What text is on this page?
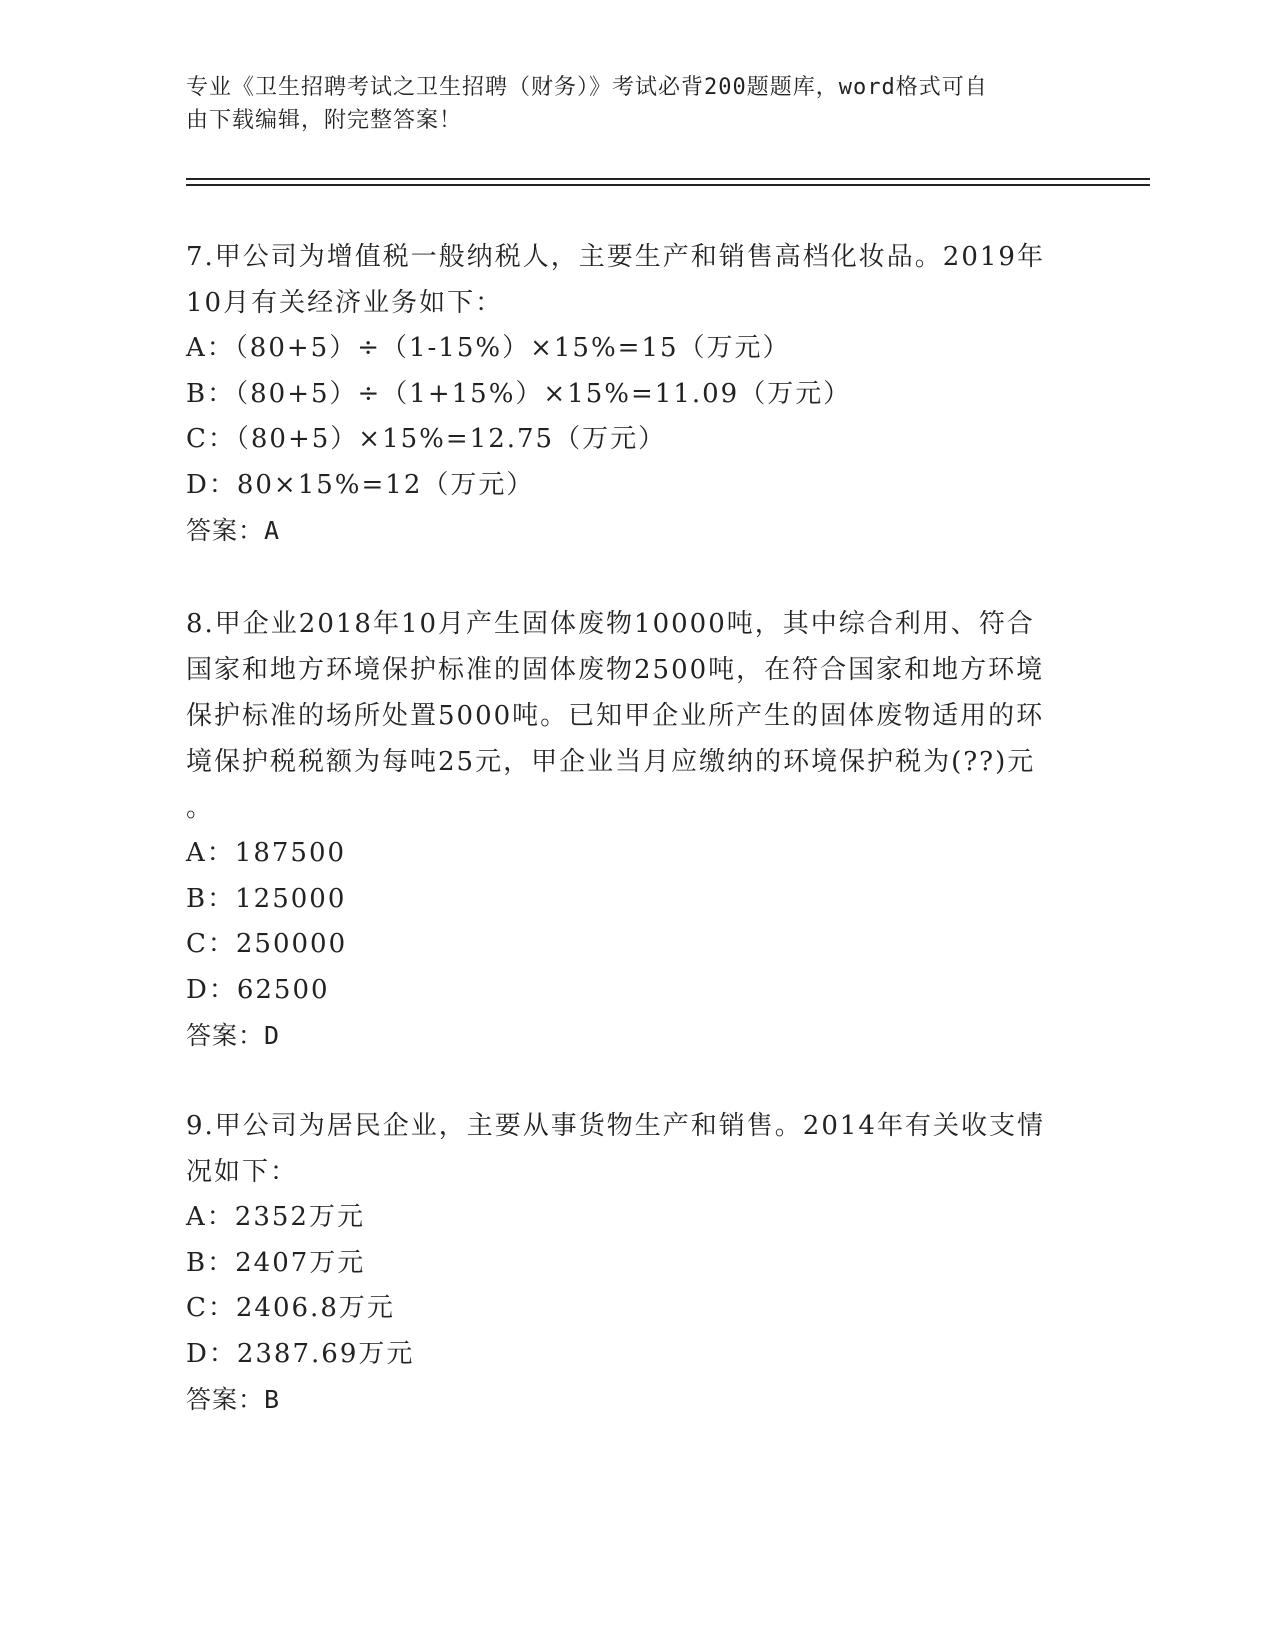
专业《卫生招聘考试之卫生招聘（财务）》考试必背200题题库，word格式可自
由下载编辑，附完整答案！

7.甲公司为增值税一般纳税人，主要生产和销售高档化妆品。2019年

10月有关经济业务如下：

A：（80+5）÷（1-15%）×15%=15（万元）

B：（80+5）÷（1+15%）×15%=11.09（万元）

C：（80+5）×15%=12.75（万元）

D：80×15%=12（万元）

答案：A

8.甲企业2018年10月产生固体废物10000吨，其中综合利用、符合

国家和地方环境保护标准的固体废物2500吨，在符合国家和地方环境

保护标准的场所处置5000吨。已知甲企业所产生的固体废物适用的环

境保护税税额为每吨25元，甲企业当月应缴纳的环境保护税为(??)元

。

A：187500

B：125000

C：250000

D：62500

答案：D

9.甲公司为居民企业，主要从事货物生产和销售。2014年有关收支情

况如下：

A：2352万元

B：2407万元

C：2406.8万元

D：2387.69万元

答案：B
